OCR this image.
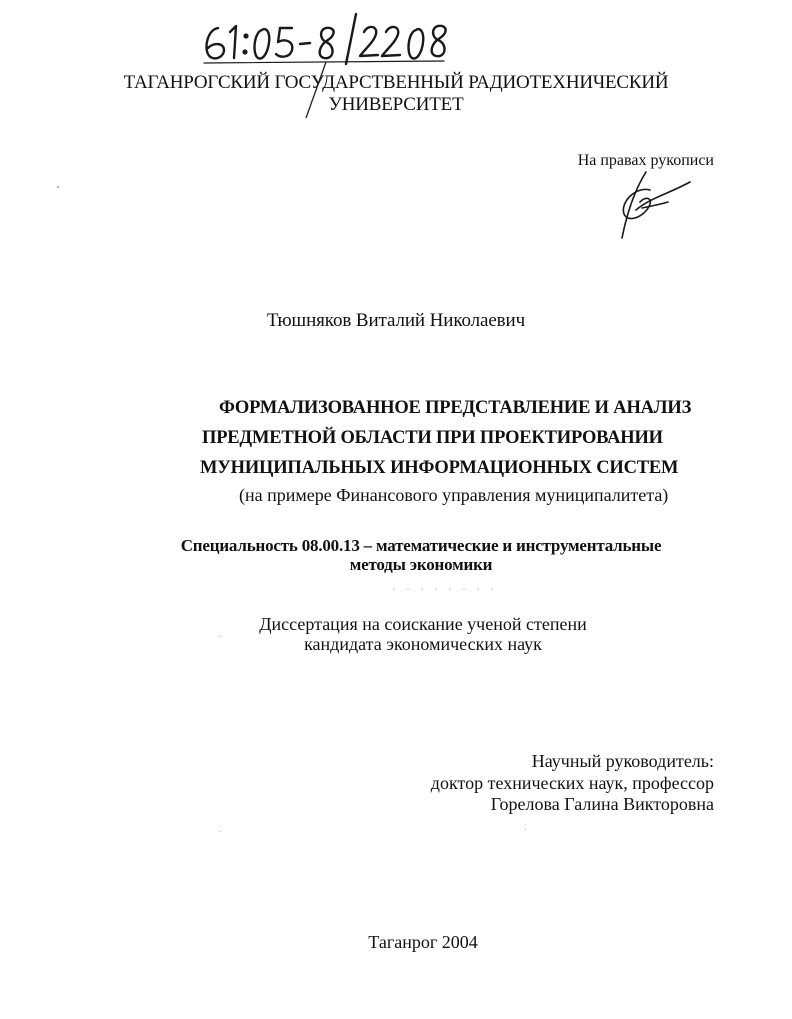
61:05-8/2208
ТАГАНРОГСКИЙ ГОСУДАРСТВЕННЫЙ РАДИОТЕХНИЧЕСКИЙ
УНИВЕРСИТЕТ
На правах рукописи
Тюшняков Виталий Николаевич
ФОРМАЛИЗОВАННОЕ ПРЕДСТАВЛЕНИЕ И АНАЛИЗ
ПРЕДМЕТНОЙ ОБЛАСТИ ПРИ ПРОЕКТИРОВАНИИ
МУНИЦИПАЛЬНЫХ ИНФОРМАЦИОННЫХ СИСТЕМ
(на примере Финансового управления муниципалитета)
Специальность 08.00.13 – математические и инструментальные
методы экономики
Диссертация на соискание ученой степени
кандидата экономических наук
Научный руководитель:
доктор технических наук, профессор
Горелова Галина Викторовна
Таганрог 2004
